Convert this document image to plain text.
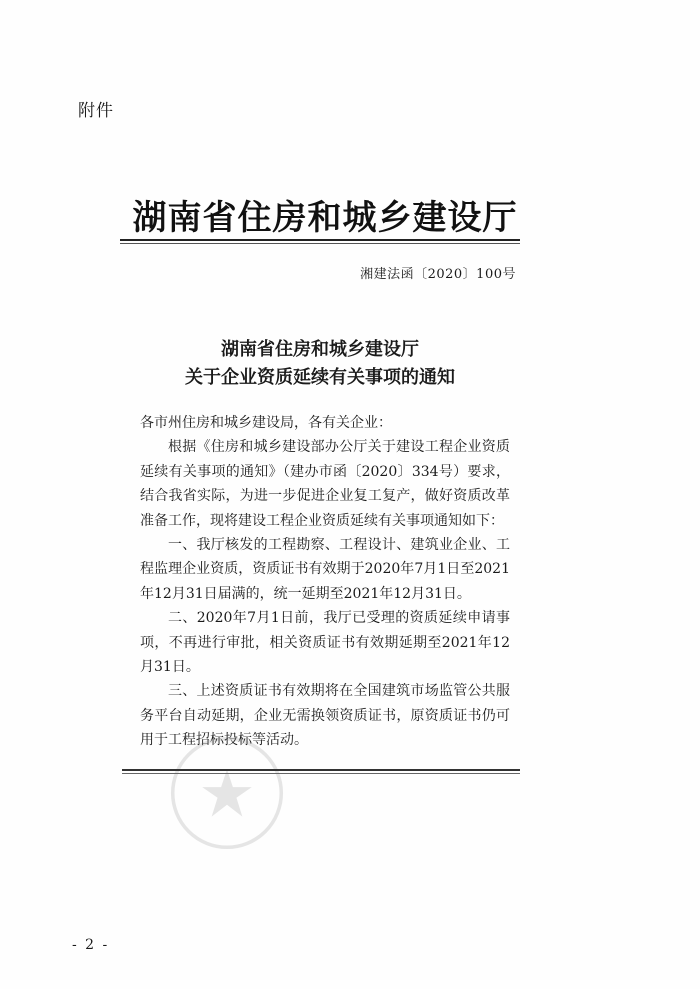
附件
湖南省住房和城乡建设厅
湘建法函〔2020〕100号
湖南省住房和城乡建设厅
关于企业资质延续有关事项的通知

各市州住房和城乡建设局，各有关企业：

根据《住房和城乡建设部办公厅关于建设工程企业资质延续有关事项的通知》（建办市函〔2020〕334号）要求，结合我省实际，为进一步促进企业复工复产，做好资质改革准备工作，现将建设工程企业资质延续有关事项通知如下：

一、我厅核发的工程勘察、工程设计、建筑业企业、工程监理企业资质，资质证书有效期于2020年7月1日至2021年12月31日届满的，统一延期至2021年12月31日。

二、2020年7月1日前，我厅已受理的资质延续申请事项，不再进行审批，相关资质证书有效期延期至2021年12月31日。

三、上述资质证书有效期将在全国建筑市场监管公共服务平台自动延期，企业无需换领资质证书，原资质证书仍可用于工程招标投标等活动。

- 2 -
